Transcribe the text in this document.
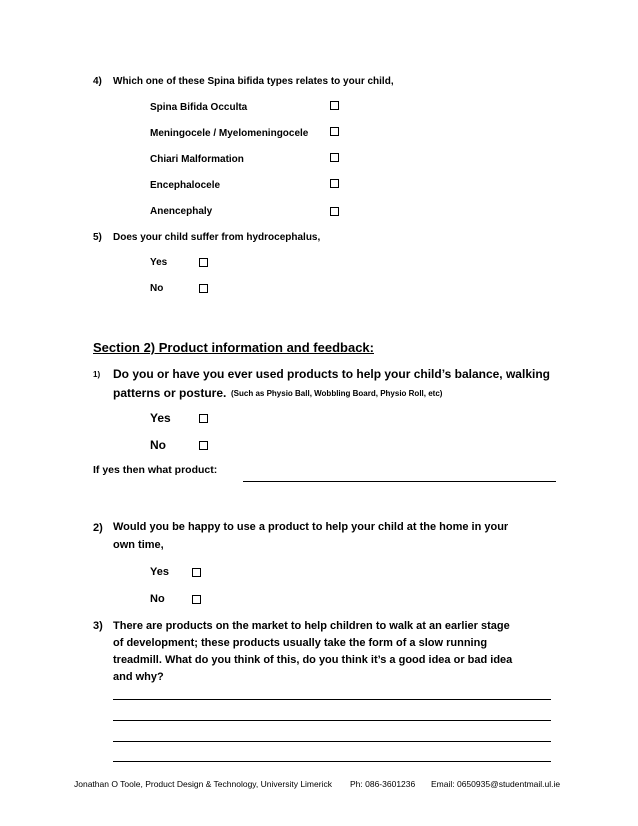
4) Which one of these Spina bifida types relates to your child,
Spina Bifida Occulta
Meningocele / Myelomeningocele
Chiari Malformation
Encephalocele
Anencephaly
5) Does your child suffer from hydrocephalus,
Yes
No
Section 2) Product information and feedback:
1) Do you or have you ever used products to help your child’s balance, walking
patterns or posture. (Such as Physio Ball, Wobbling Board, Physio Roll, etc)
Yes
No
If yes then what product:
2) Would you be happy to use a product to help your child at the home in your
own time,
Yes
No
3) There are products on the market to help children to walk at an earlier stage
of development; these products usually take the form of a slow running
treadmill. What do you think of this, do you think it’s a good idea or bad idea
and why?
Jonathan O Toole, Product Design & Technology, University Limerick Ph: 086-3601236 Email: 0650935@studentmail.ul.ie
